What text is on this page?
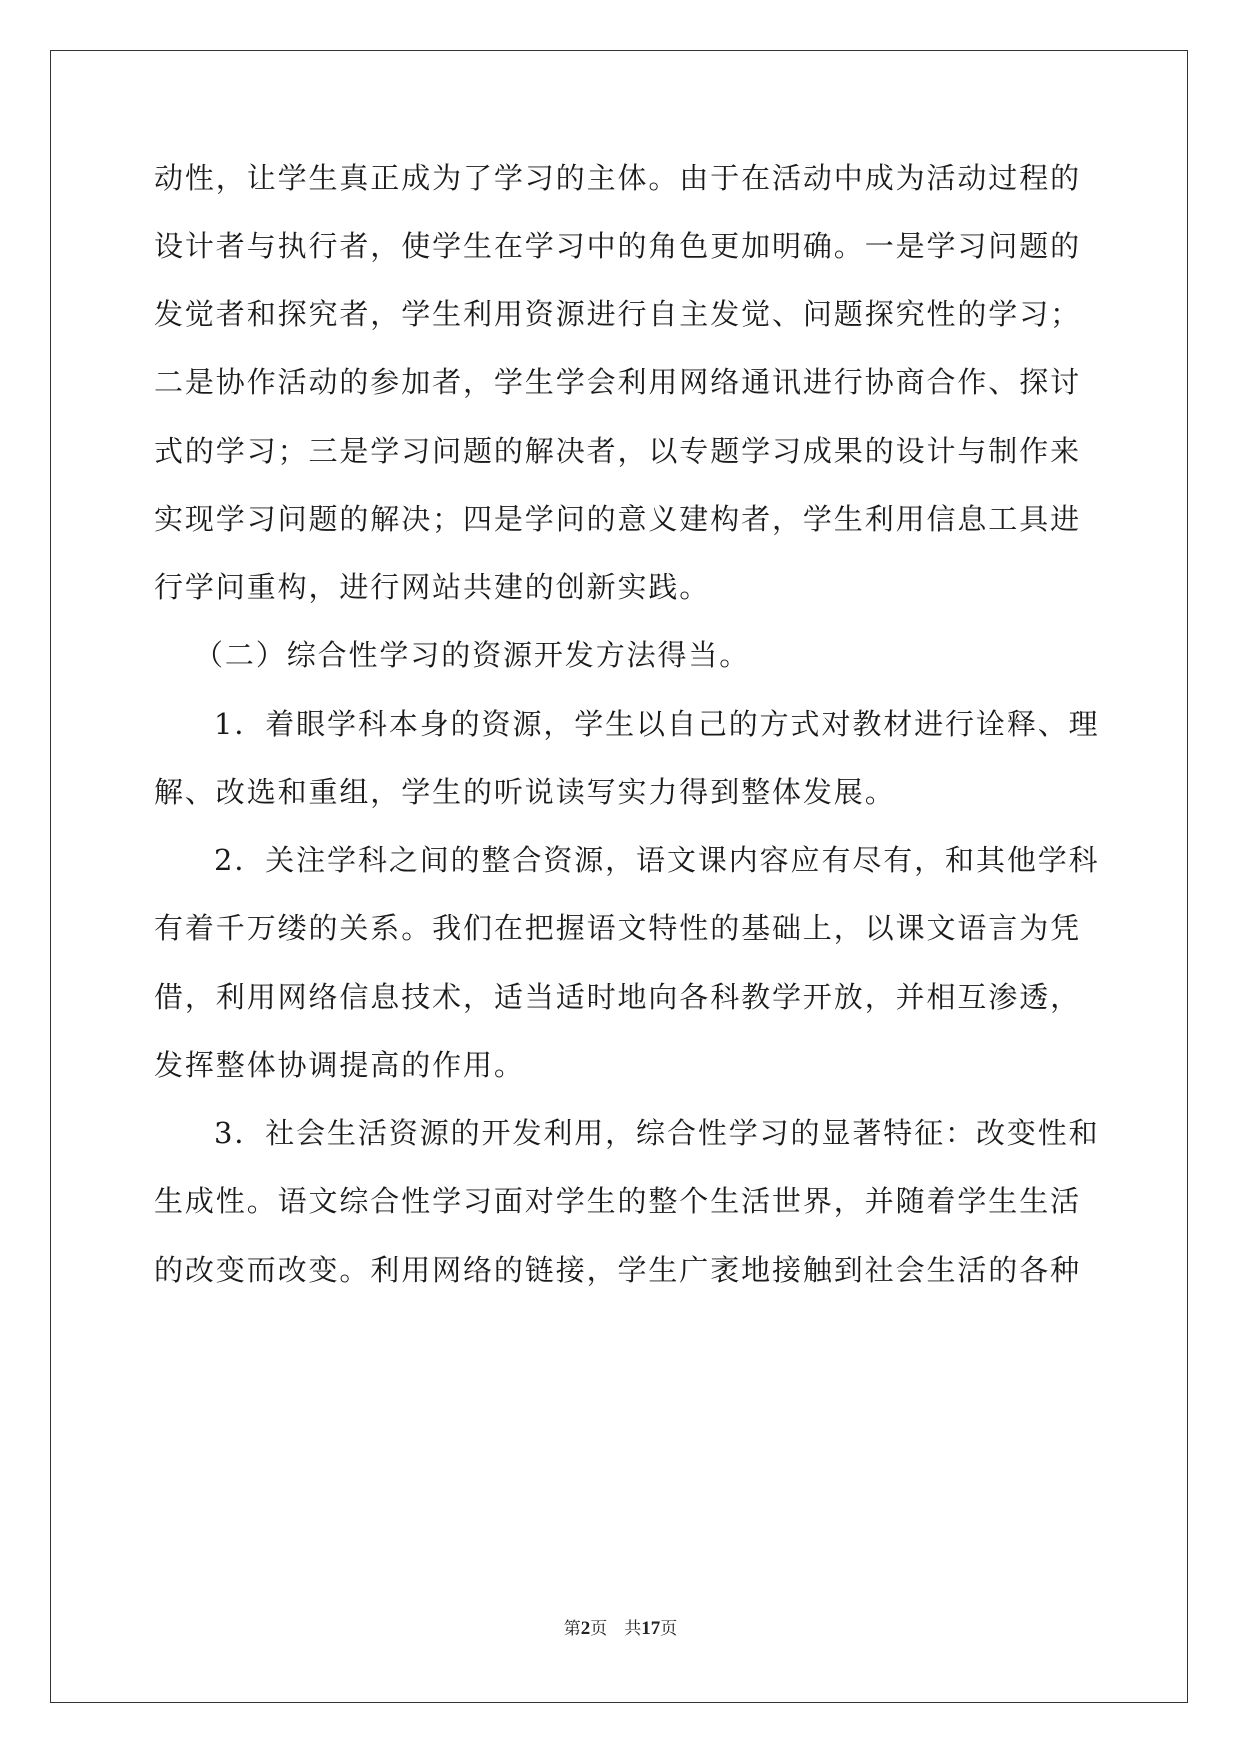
动性，让学生真正成为了学习的主体。由于在活动中成为活动过程的
设计者与执行者，使学生在学习中的角色更加明确。一是学习问题的
发觉者和探究者，学生利用资源进行自主发觉、问题探究性的学习；
二是协作活动的参加者，学生学会利用网络通讯进行协商合作、探讨
式的学习；三是学习问题的解决者，以专题学习成果的设计与制作来
实现学习问题的解决；四是学问的意义建构者，学生利用信息工具进
行学问重构，进行网站共建的创新实践。
（二）综合性学习的资源开发方法得当。
1．着眼学科本身的资源，学生以自己的方式对教材进行诠释、理
解、改选和重组，学生的听说读写实力得到整体发展。
2．关注学科之间的整合资源，语文课内容应有尽有，和其他学科
有着千万缕的关系。我们在把握语文特性的基础上，以课文语言为凭
借，利用网络信息技术，适当适时地向各科教学开放，并相互渗透，
发挥整体协调提高的作用。
3．社会生活资源的开发利用，综合性学习的显著特征：改变性和
生成性。语文综合性学习面对学生的整个生活世界，并随着学生生活
的改变而改变。利用网络的链接，学生广袤地接触到社会生活的各种
第2页 共17页
